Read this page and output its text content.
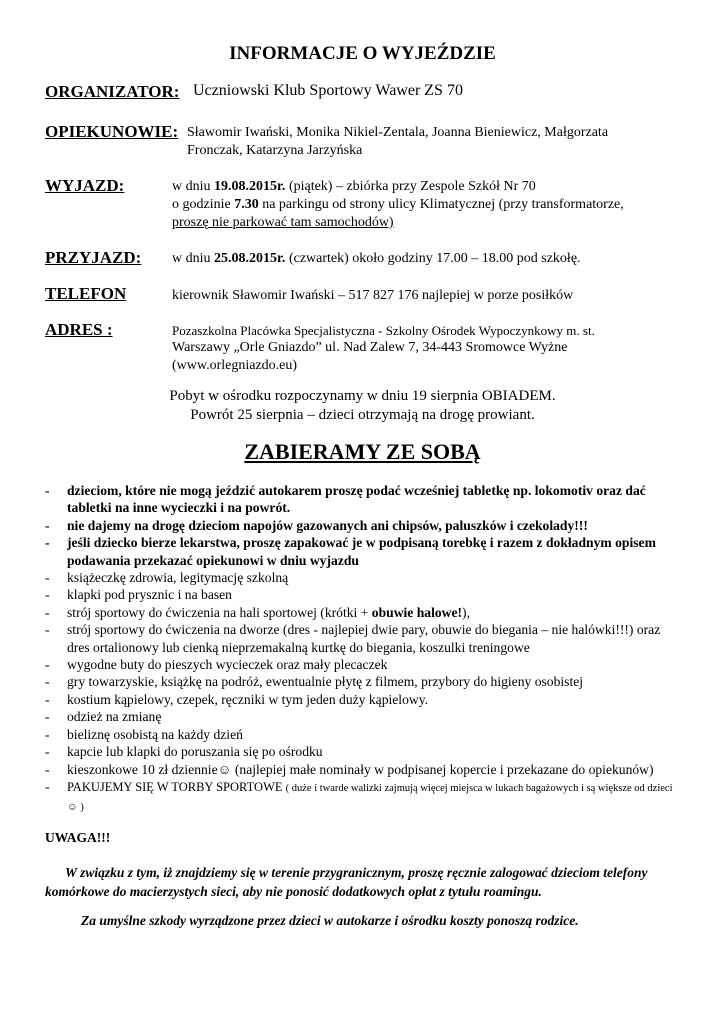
INFORMACJE O WYJEŹDZIE
ORGANIZATOR: Uczniowski Klub Sportowy Wawer ZS 70
OPIEKUNOWIE: Sławomir Iwański, Monika Nikiel-Zentala, Joanna Bieniewicz, Małgorzata
Fronczak, Katarzyna Jarzyńska
WYJAZD:	w dniu 19.08.2015r. (piątek) – zbiórka przy Zespole Szkół Nr 70
o godzinie 7.30 na parkingu od strony ulicy Klimatycznej (przy transformatorze,
proszę nie parkować tam samochodów)
PRZYJAZD: w dniu 25.08.2015r. (czwartek) około godziny 17.00 – 18.00 pod szkołę.
TELEFON	kierownik Sławomir Iwański – 517 827 176 najlepiej w porze posiłków
ADRES :	Pozaszkolna Placówka Specjalistyczna - Szkolny Ośrodek Wypoczynkowy m. st.
Warszawy „Orle Gniazdo” ul. Nad Zalew 7, 34-443 Sromowce Wyżne
(www.orlegniazdo.eu)
Pobyt w ośrodku rozpoczynamy w dniu 19 sierpnia OBIADEM.
Powrót 25 sierpnia – dzieci otrzymają na drogę prowiant.
ZABIERAMY ZE SOBĄ
- dzieciom, które nie mogą jeździć autokarem proszę podać wcześniej tabletkę np. lokomotiv oraz dać tabletki na inne wycieczki i na powrót.
- nie dajemy na drogę dzieciom napojów gazowanych ani chipsów, paluszków i czekolady!!!
- jeśli dziecko bierze lekarstwa, proszę zapakować je w podpisaną torebkę i razem z dokładnym opisem podawania przekazać opiekunowi w dniu wyjazdu
- książeczkę zdrowia, legitymację szkolną
- klapki pod prysznic i na basen
- strój sportowy do ćwiczenia na hali sportowej (krótki + obuwie halowe!),
- strój sportowy do ćwiczenia na dworze (dres - najlepiej dwie pary, obuwie do biegania – nie halówki!!!) oraz dres ortalionowy lub cienką nieprzemakalną kurtkę do biegania, koszulki treningowe
- wygodne buty do pieszych wycieczek oraz mały plecaczek
- gry towarzyskie, książkę na podróż, ewentualnie płytę z filmem, przybory do higieny osobistej
- kostium kąpielowy, czepek, ręczniki w tym jeden duży kąpielowy.
- odzież na zmianę
- bieliznę osobistą na każdy dzień
- kapcie lub klapki do poruszania się po ośrodku
- kieszonkowe 10 zł dziennie☺ (najlepiej małe nominały w podpisanej kopercie i przekazane do opiekunów)
- PAKUJEMY SIĘ W TORBY SPORTOWE ( duże i twarde walizki zajmują więcej miejsca w lukach bagażowych i są większe od dzieci ☺ )
UWAGA!!!
W związku z tym, iż znajdziemy się w terenie przygranicznym, proszę ręcznie zalogować dzieciom telefony komórkowe do macierzystych sieci, aby nie ponosić dodatkowych opłat z tytułu roamingu.
Za umyślne szkody wyrządzone przez dzieci w autokarze i ośrodku koszty ponoszą rodzice.
